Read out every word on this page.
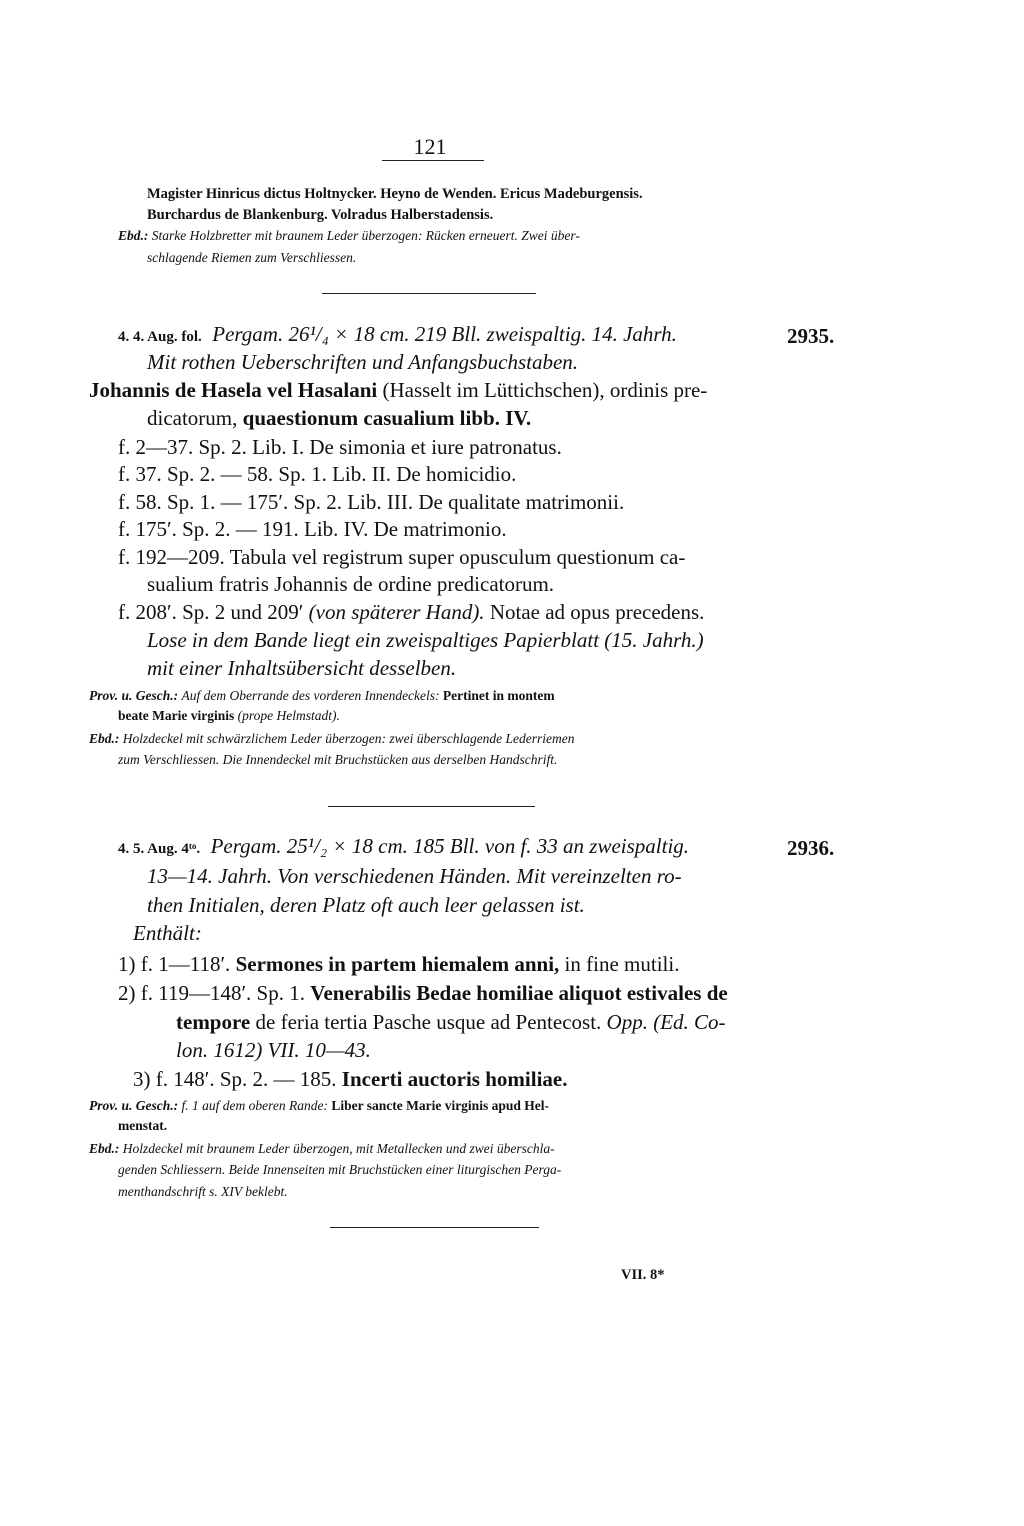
121
Magister Hinricus dictus Holtnycker. Heyno de Wenden. Ericus Madeburgensis.
Burchardus de Blankenburg. Volradus Halberstadensis.
Ebd.: Starke Holzbretter mit braunem Leder überzogen: Rücken erneuert. Zwei über-
schlagende Riemen zum Verschliessen.
4. 4. Aug. fol. Pergam. 26¹/₄ × 18 cm. 219 Bll. zweispaltig. 14. Jahrh.	2935.
Mit rothen Ueberschriften und Anfangsbuchstaben.
Johannis de Hasela vel Hasalani (Hasselt im Lüttichschen), ordinis pre-
dicatorum, quaestionum casualium libb. IV.
f. 2—37. Sp. 2. Lib. I. De simonia et iure patronatus.
f. 37. Sp. 2. — 58. Sp. 1. Lib. II. De homicidio.
f. 58. Sp. 1. — 175′. Sp. 2. Lib. III. De qualitate matrimonii.
f. 175′. Sp. 2. — 191. Lib. IV. De matrimonio.
f. 192—209. Tabula vel registrum super opusculum questionum ca-
sualium fratris Johannis de ordine predicatorum.
f. 208′. Sp. 2 und 209′ (von späterer Hand). Notae ad opus precedens.
Lose in dem Bande liegt ein zweispaltiges Papierblatt (15. Jahrh.)
mit einer Inhaltsübersicht desselben.
Prov. u. Gesch.: Auf dem Oberrande des vorderen Innendeckels: Pertinet in montem
beate Marie virginis (prope Helmstadt).
Ebd.: Holzdeckel mit schwärzlichem Leder überzogen: zwei überschlagende Lederriemen
zum Verschliessen. Die Innendeckel mit Bruchstücken aus derselben Handschrift.
4. 5. Aug. 4ᵗᵒ. Pergam. 25¹/₂ × 18 cm. 185 Bll. von f. 33 an zweispaltig.	2936.
13—14. Jahrh. Von verschiedenen Händen. Mit vereinzelten ro-
then Initialen, deren Platz oft auch leer gelassen ist.
Enthält:
1) f. 1—118′. Sermones in partem hiemalem anni, in fine mutili.
2) f. 119—148′. Sp. 1. Venerabilis Bedae homiliae aliquot estivales de
tempore de feria tertia Pasche usque ad Pentecost. Opp. (Ed. Co-
lon. 1612) VII. 10—43.
3) f. 148′. Sp. 2. — 185. Incerti auctoris homiliae.
Prov. u. Gesch.: f. 1 auf dem oberen Rande: Liber sancte Marie virginis apud Hel-
menstat.
Ebd.: Holzdeckel mit braunem Leder überzogen, mit Metallecken und zwei überschla-
genden Schliessern. Beide Innenseiten mit Bruchstücken einer liturgischen Perga-
menthandschrift s. XIV beklebt.
VII. 8*
